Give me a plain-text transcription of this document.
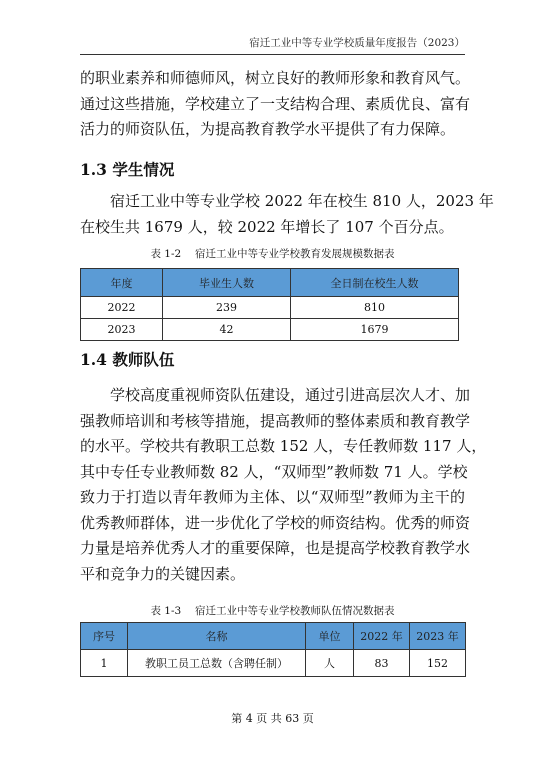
宿迁工业中等专业学校质量年度报告（2023）
的职业素养和师德师风，树立良好的教师形象和教育风气。
通过这些措施，学校建立了一支结构合理、素质优良、富有
活力的师资队伍，为提高教育教学水平提供了有力保障。
1.3 学生情况
宿迁工业中等专业学校 2022 年在校生 810 人，2023 年
在校生共 1679 人，较 2022 年增长了 107 个百分点。
表 1-2　 宿迁工业中等专业学校教育发展规模数据表
年度	毕业生人数	全日制在校生人数
2022	239	810
2023	42	1679
1.4 教师队伍
学校高度重视师资队伍建设，通过引进高层次人才、加
强教师培训和考核等措施，提高教师的整体素质和教育教学
的水平。学校共有教职工总数 152 人，专任教师数 117 人，
其中专任专业教师数 82 人，“双师型”教师数 71 人。学校
致力于打造以青年教师为主体、以“双师型”教师为主干的
优秀教师群体，进一步优化了学校的师资结构。优秀的师资
力量是培养优秀人才的重要保障，也是提高学校教育教学水
平和竞争力的关键因素。
表 1-3　 宿迁工业中等专业学校教师队伍情况数据表
序号	名称	单位	2022 年	2023 年
1	教职工员工总数（含聘任制）	人	83	152
第 4 页 共 63 页
